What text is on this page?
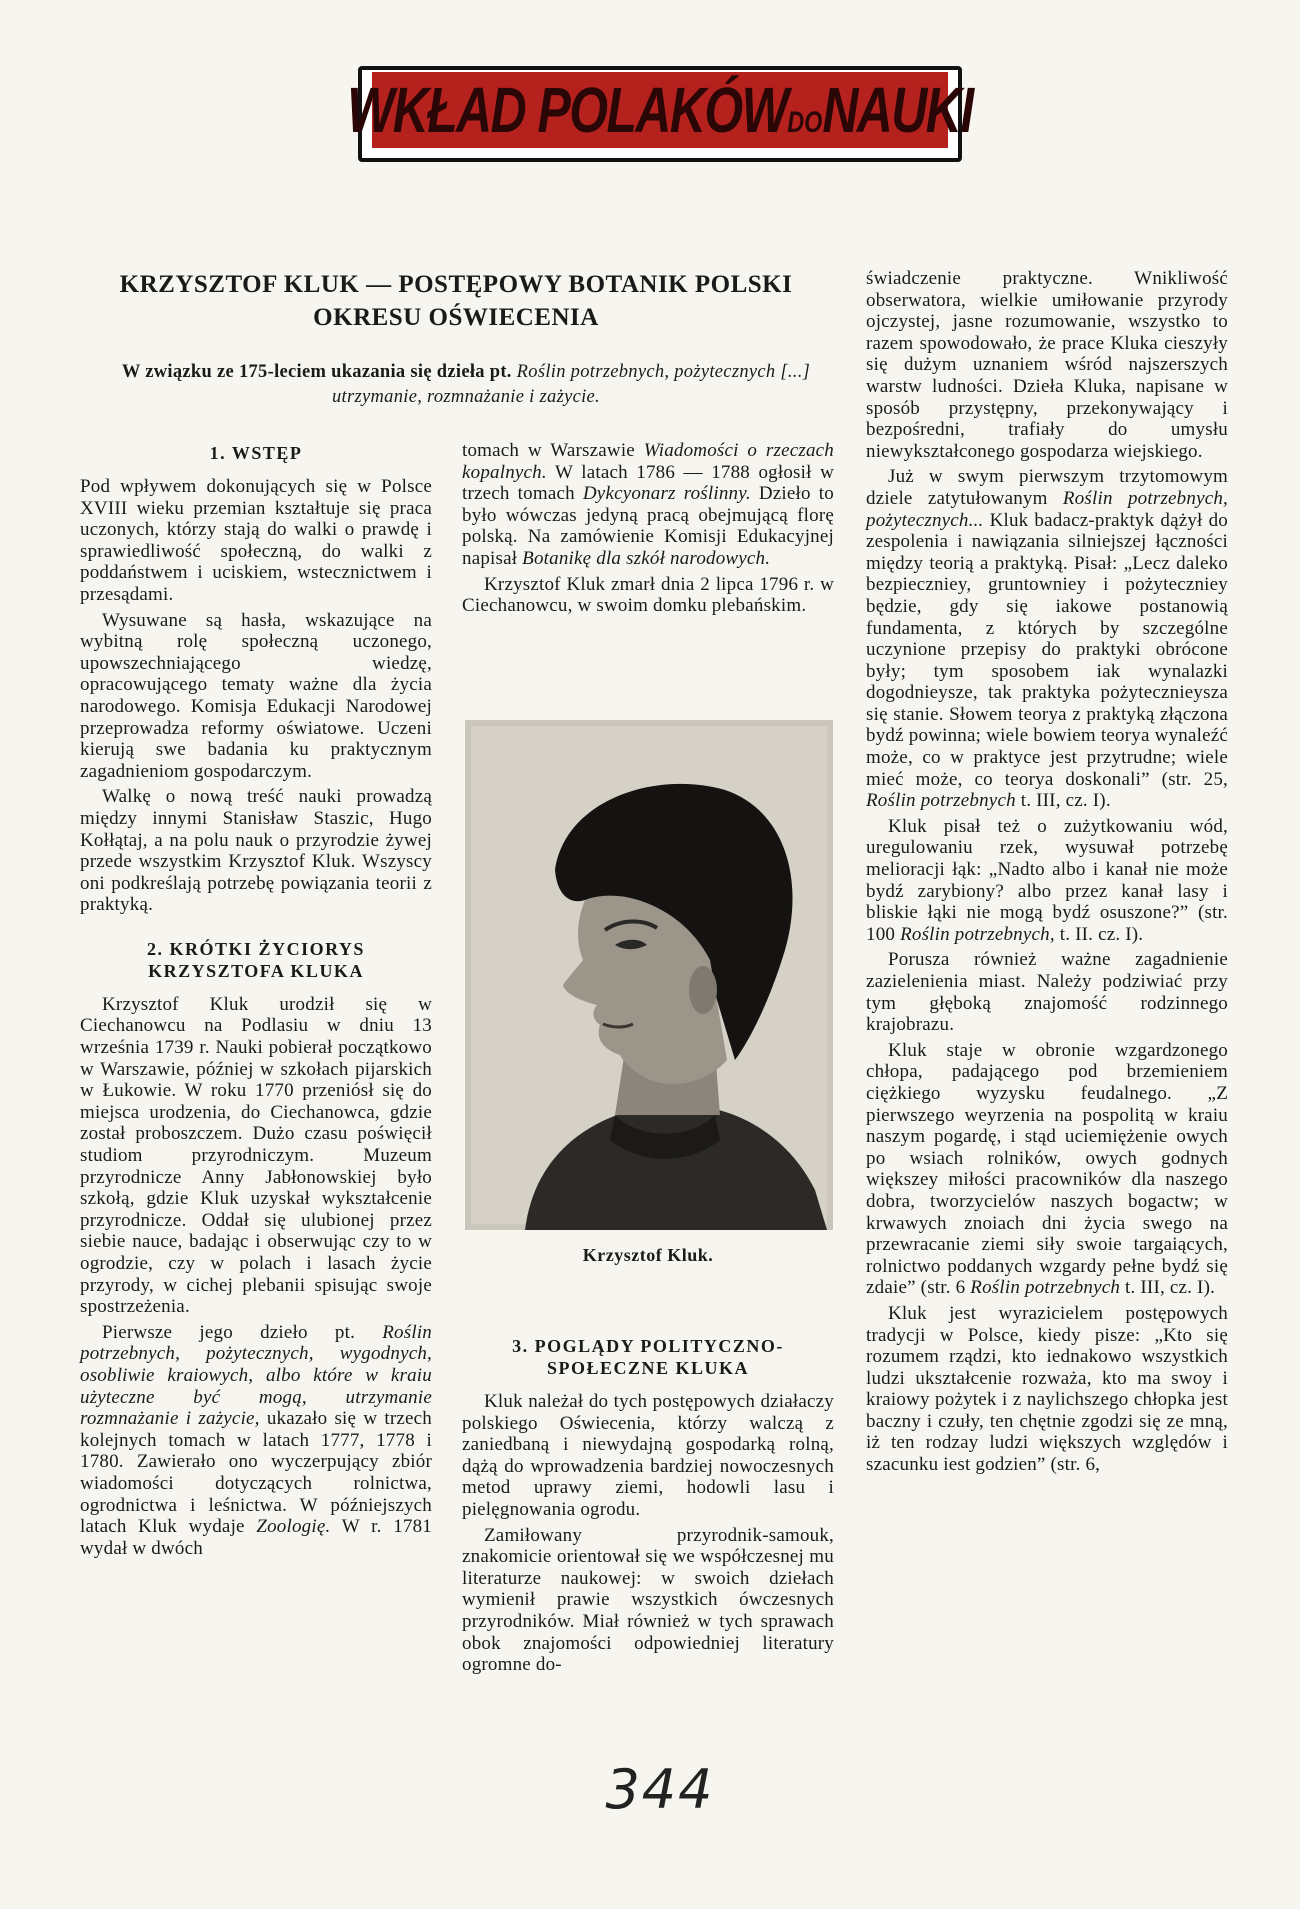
WKŁAD POLAKÓWDONAUKI
KRZYSZTOF KLUK — POSTĘPOWY BOTANIK POLSKI OKRESU OŚWIECENIA
W związku ze 175-leciem ukazania się dzieła pt. Roślin potrzebnych, pożytecznych [...] utrzymanie, rozmnażanie i zażycie.
1. WSTĘP

Pod wpływem dokonujących się w Polsce XVIII wieku przemian kształtuje się praca uczonych, którzy stają do walki o prawdę i sprawiedliwość społeczną, do walki z poddaństwem i uciskiem, wstecznictwem i przesądami.

Wysuwane są hasła, wskazujące na wybitną rolę społeczną uczonego, upowszechniającego wiedzę, opracowującego tematy ważne dla życia narodowego. Komisja Edukacji Narodowej przeprowadza reformy oświatowe. Uczeni kierują swe badania ku praktycznym zagadnieniom gospodarczym.

Walkę o nową treść nauki prowadzą między innymi Stanisław Staszic, Hugo Kołłątaj, a na polu nauk o przyrodzie żywej przede wszystkim Krzysztof Kluk. Wszyscy oni podkreślają potrzebę powiązania teorii z praktyką.

2. KRÓTKI ŻYCIORYS KRZYSZTOFA KLUKA

Krzysztof Kluk urodził się w Ciechanowcu na Podlasiu w dniu 13 września 1739 r. Nauki pobierał początkowo w Warszawie, później w szkołach pijarskich w Łukowie. W roku 1770 przeniósł się do miejsca urodzenia, do Ciechanowca, gdzie został proboszczem. Dużo czasu poświęcił studiom przyrodniczym. Muzeum przyrodnicze Anny Jabłonowskiej było szkołą, gdzie Kluk uzyskał wykształcenie przyrodnicze. Oddał się ulubionej przez siebie nauce, badając i obserwując czy to w ogrodzie, czy w polach i lasach życie przyrody, w cichej plebanii spisując swoje spostrzeżenia.

Pierwsze jego dzieło pt. Roślin potrzebnych, pożytecznych, wygodnych, osobliwie kraiowych, albo które w kraiu użyteczne być mogą, utrzymanie rozmnażanie i zażycie, ukazało się w trzech kolejnych tomach w latach 1777, 1778 i 1780. Zawierało ono wyczerpujący zbiór wiadomości dotyczących rolnictwa, ogrodnictwa i leśnictwa. W późniejszych latach Kluk wydaje Zoologię. W r. 1781 wydał w dwóch

tomach w Warszawie Wiadomości o rzeczach kopalnych. W latach 1786 — 1788 ogłosił w trzech tomach Dykcyonarz roślinny. Dzieło to było wówczas jedyną pracą obejmującą florę polską. Na zamówienie Komisji Edukacyjnej napisał Botanikę dla szkół narodowych.

Krzysztof Kluk zmarł dnia 2 lipca 1796 r. w Ciechanowcu, w swoim domku plebańskim.

Krzysztof Kluk.
3. POGLĄDY POLITYCZNO-SPOŁECZNE KLUKA

Kluk należał do tych postępowych działaczy polskiego Oświecenia, którzy walczą z zaniedbaną i niewydajną gospodarką rolną, dążą do wprowadzenia bardziej nowoczesnych metod uprawy ziemi, hodowli lasu i pielęgnowania ogrodu.

Zamiłowany przyrodnik-samouk, znakomicie orientował się we współczesnej mu literaturze naukowej: w swoich dziełach wymienił prawie wszystkich ówczesnych przyrodników. Miał również w tych sprawach obok znajomości odpowiedniej literatury ogromne do-

świadczenie praktyczne. Wnikliwość obserwatora, wielkie umiłowanie przyrody ojczystej, jasne rozumowanie, wszystko to razem spowodowało, że prace Kluka cieszyły się dużym uznaniem wśród najszerszych warstw ludności. Dzieła Kluka, napisane w sposób przystępny, przekonywający i bezpośredni, trafiały do umysłu niewykształconego gospodarza wiejskiego.

Już w swym pierwszym trzytomowym dziele zatytułowanym Roślin potrzebnych, pożytecznych... Kluk badacz-praktyk dążył do zespolenia i nawiązania silniejszej łączności między teorią a praktyką. Pisał: „Lecz daleko bezpieczniey, gruntowniey i pożyteczniey będzie, gdy się iakowe postanowią fundamenta, z których by szczególne uczynione przepisy do praktyki obrócone były; tym sposobem iak wynalazki dogodnieysze, tak praktyka pożytecznieysza się stanie. Słowem teorya z praktyką złączona bydź powinna; wiele bowiem teorya wynaleźć może, co w praktyce jest przytrudne; wiele mieć może, co teorya doskonali” (str. 25, Roślin potrzebnych t. III, cz. I).

Kluk pisał też o zużytkowaniu wód, uregulowaniu rzek, wysuwał potrzebę melioracji łąk: „Nadto albo i kanał nie może bydź zarybiony? albo przez kanał lasy i bliskie łąki nie mogą bydź osuszone?” (str. 100 Roślin potrzebnych, t. II. cz. I).

Porusza również ważne zagadnienie zazielenienia miast. Należy podziwiać przy tym głęboką znajomość rodzinnego krajobrazu.

Kluk staje w obronie wzgardzonego chłopa, padającego pod brzemieniem ciężkiego wyzysku feudalnego. „Z pierwszego weyrzenia na pospolitą w kraiu naszym pogardę, i stąd uciemiężenie owych po wsiach rolników, owych godnych większey miłości pracowników dla naszego dobra, tworzycielów naszych bogactw; w krwawych znoiach dni życia swego na przewracanie ziemi siły swoie targaiących, rolnictwo poddanych wzgardy pełne bydź się zdaie” (str. 6 Roślin potrzebnych t. III, cz. I).

Kluk jest wyrazicielem postępowych tradycji w Polsce, kiedy pisze: „Kto się rozumem rządzi, kto iednakowo wszystkich ludzi ukształcenie rozważa, kto ma swoy i kraiowy pożytek i z naylichszego chłopka jest baczny i czuły, ten chętnie zgodzi się ze mną, iż ten rodzay ludzi większych względów i szacunku iest godzien” (str. 6,

344
